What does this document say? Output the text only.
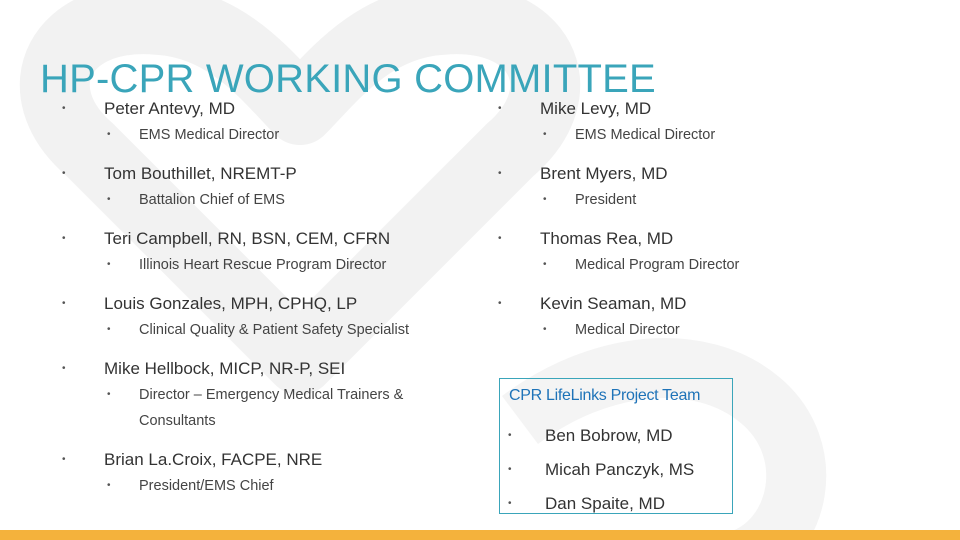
HP-CPR WORKING COMMITTEE
•	Peter Antevy, MD
•	EMS Medical Director
•	Tom Bouthillet, NREMT-P
•	Battalion Chief of EMS
•	Teri Campbell, RN, BSN, CEM, CFRN
•	Illinois Heart Rescue Program Director
•	Louis Gonzales, MPH, CPHQ, LP
•	Clinical Quality & Patient Safety Specialist
•	Mike Hellbock, MICP, NR-P, SEI
•	Director – Emergency Medical Trainers & Consultants
•	Brian La.Croix, FACPE, NRE
•	President/EMS Chief
•	Mike Levy, MD
•	EMS Medical Director
•	Brent Myers, MD
•	President
•	Thomas Rea, MD
•	Medical Program Director
•	Kevin Seaman, MD
•	Medical Director
CPR LifeLinks Project Team
•	Ben Bobrow, MD
•	Micah Panczyk, MS
•	Dan Spaite, MD
